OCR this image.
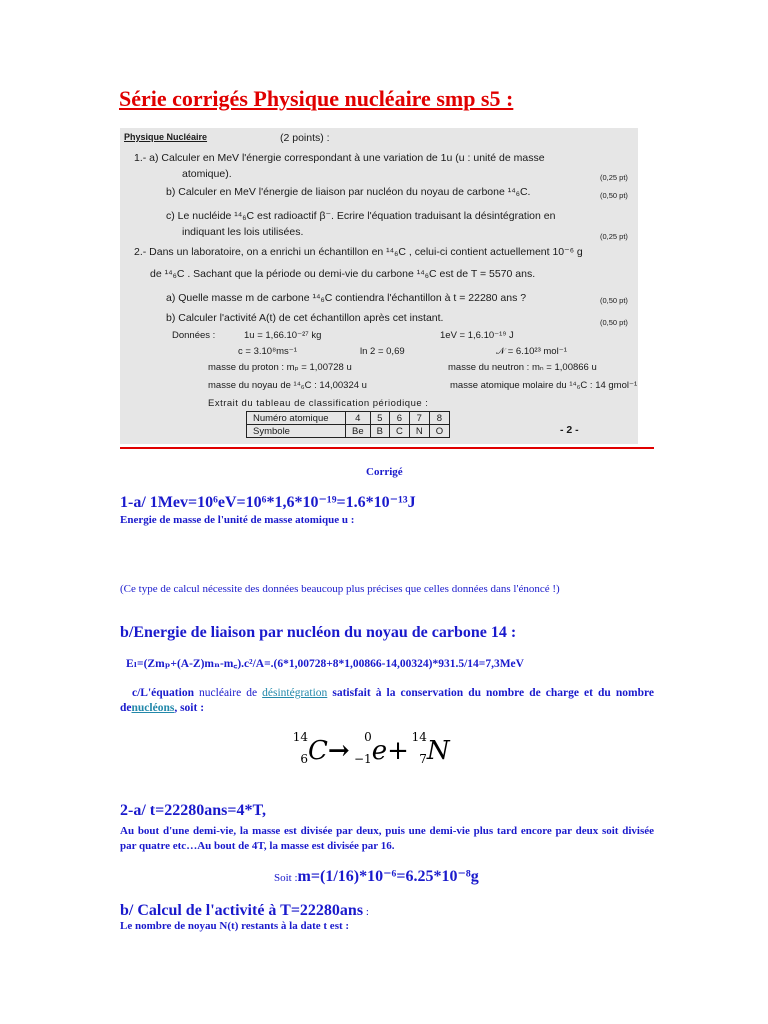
Série corrigés Physique nucléaire smp s5 :
Physique Nucléaire	(2 points) :
1.- a) Calculer en MeV l'énergie correspondant à une variation de 1u (u : unité de masse
atomique).	(0,25 pt)
b) Calculer en MeV l'énergie de liaison par nucléon du noyau de carbone ¹⁴₆C.	(0,50 pt)
c) Le nucléide ¹⁴₆C est radioactif β⁻. Ecrire l'équation traduisant la désintégration en
indiquant les lois utilisées.	(0,25 pt)
2.- Dans un laboratoire, on a enrichi un échantillon en ¹⁴₆C , celui-ci contient actuellement 10⁻⁶ g
de ¹⁴₆C . Sachant que la période ou demi-vie du carbone ¹⁴₆C est de T = 5570 ans.
a) Quelle masse m de carbone ¹⁴₆C contiendra l'échantillon à t = 22280 ans ?	(0,50 pt)
b) Calculer l'activité A(t) de cet échantillon après cet instant.	(0,50 pt)
Données :	1u = 1,66.10⁻²⁷ kg	1eV = 1,6.10⁻¹⁹ J
c = 3.10⁸ms⁻¹	ln 2 = 0,69	𝒩 = 6.10²³ mol⁻¹
masse du proton : mₚ = 1,00728 u	masse du neutron : mₙ = 1,00866 u
masse du noyau de ¹⁴₆C : 14,00324 u	masse atomique molaire du ¹⁴₆C : 14 gmol⁻¹
Extrait du tableau de classification périodique :
Numéro atomique	4	5	6	7	8
Symbole	Be	B	C	N	O	- 2 -
Corrigé
1-a/ 1Mev=10⁶eV=10⁶*1,6*10⁻¹⁹=1.6*10⁻¹³J
Energie de masse de l'unité de masse atomique u :
(Ce type de calcul nécessite des données beaucoup plus précises que celles données dans l'énoncé !)
b/Energie de liaison par nucléon du noyau de carbone 14 :
Eₗ=(Zmₚ+(A-Z)mₙ-m꜀).c²/A=.(6*1,00728+8*1,00866-14,00324)*931.5/14=7,3MeV
c/L'équation nucléaire de désintégration satisfait à la conservation du nombre de charge et du nombre denucléons, soit :
14
6 C→ 0
−1 e+ 14
7 N
2-a/ t=22280ans=4*T,
Au bout d'une demi-vie, la masse est divisée par deux, puis une demi-vie plus tard encore par deux soit divisée par quatre etc…Au bout de 4T, la masse est divisée par 16.
Soit :m=(1/16)*10⁻⁶=6.25*10⁻⁸g
b/ Calcul de l'activité à T=22280ans :
Le nombre de noyau N(t) restants à la date t est :
